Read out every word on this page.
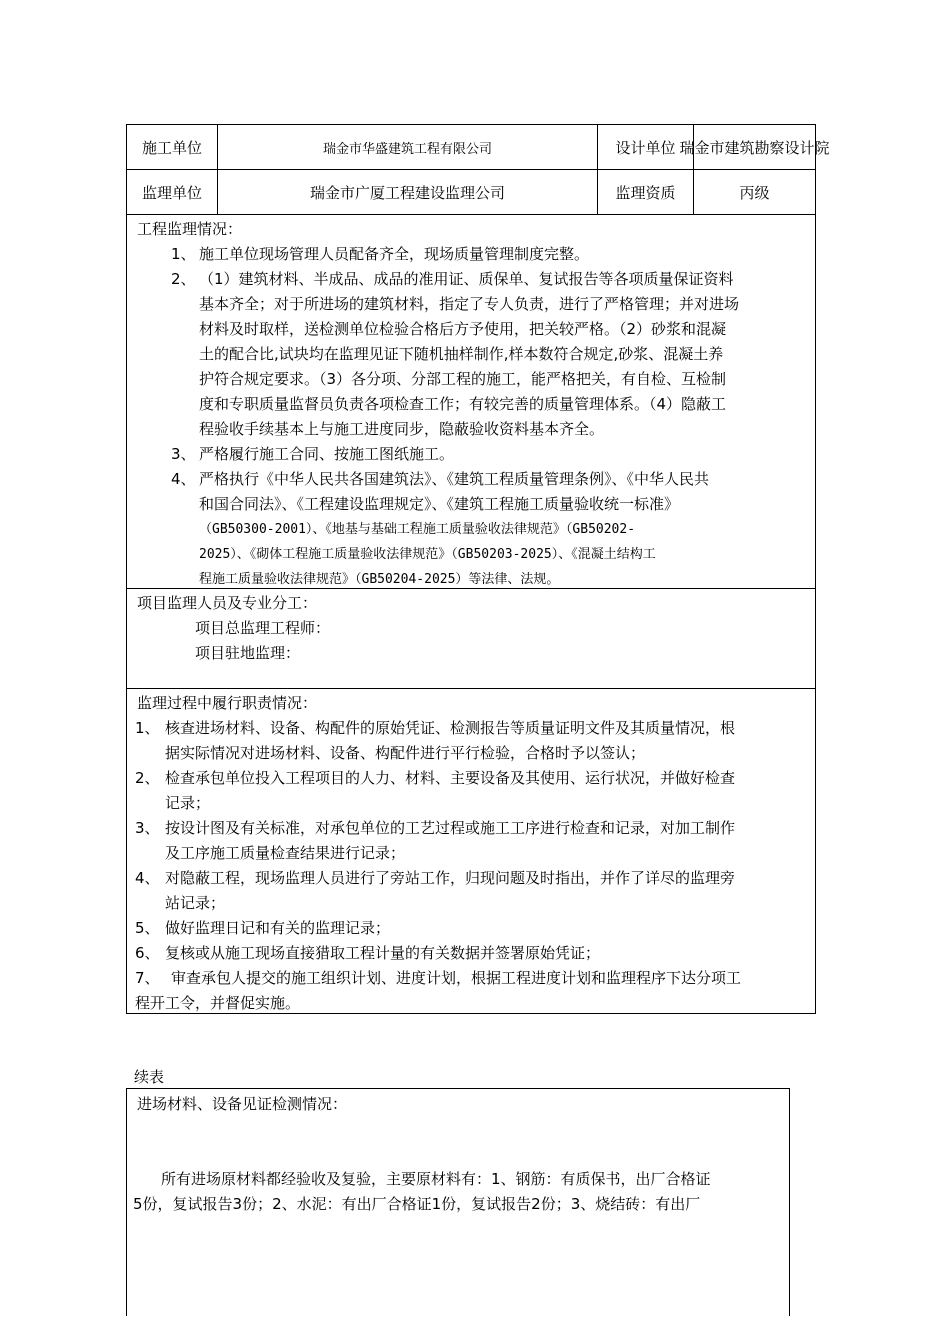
施工单位	瑞金市华盛建筑工程有限公司	设计单位 瑞金市建筑勘察设计院
监理单位	瑞金市广厦工程建设监理公司	监理资质	丙级
工程监理情况：
1、 施工单位现场管理人员配备齐全，现场质量管理制度完整。
2、 （1）建筑材料、半成品、成品的准用证、质保单、复试报告等各项质量保证资料
基本齐全；对于所进场的建筑材料，指定了专人负责，进行了严格管理；并对进场
材料及时取样，送检测单位检验合格后方予使用，把关较严格。（2）砂浆和混凝
土的配合比,试块均在监理见证下随机抽样制作,样本数符合规定,砂浆、混凝土养
护符合规定要求。（3）各分项、分部工程的施工，能严格把关，有自检、互检制
度和专职质量监督员负责各项检查工作；有较完善的质量管理体系。（4）隐蔽工
程验收手续基本上与施工进度同步，隐蔽验收资料基本齐全。
3、 严格履行施工合同、按施工图纸施工。
4、 严格执行《中华人民共各国建筑法》、《建筑工程质量管理条例》、《中华人民共
和国合同法》、《工程建设监理规定》、《建筑工程施工质量验收统一标准》
（GB50300-2001）、《地基与基础工程施工质量验收法律规范》（GB50202-
2025）、《砌体工程施工质量验收法律规范》（GB50203-2025）、《混凝土结构工
程施工质量验收法律规范》（GB50204-2025）等法律、法规。
项目监理人员及专业分工：
项目总监理工程师：
项目驻地监理：
监理过程中履行职责情况：
1、 核查进场材料、设备、构配件的原始凭证、检测报告等质量证明文件及其质量情况，根
据实际情况对进场材料、设备、构配件进行平行检验，合格时予以签认；
2、 检查承包单位投入工程项目的人力、材料、主要设备及其使用、运行状况，并做好检查
记录；
3、 按设计图及有关标准，对承包单位的工艺过程或施工工序进行检查和记录，对加工制作
及工序施工质量检查结果进行记录；
4、 对隐蔽工程，现场监理人员进行了旁站工作，归现问题及时指出，并作了详尽的监理旁
站记录；
5、 做好监理日记和有关的监理记录；
6、 复核或从施工现场直接猎取工程计量的有关数据并签署原始凭证；
7、 审查承包人提交的施工组织计划、进度计划，根据工程进度计划和监理程序下达分项工
程开工令，并督促实施。
续表
进场材料、设备见证检测情况：
所有进场原材料都经验收及复验，主要原材料有：1、钢筋：有质保书，出厂合格证
5份，复试报告3份；2、水泥：有出厂合格证1份，复试报告2份；3、烧结砖：有出厂
